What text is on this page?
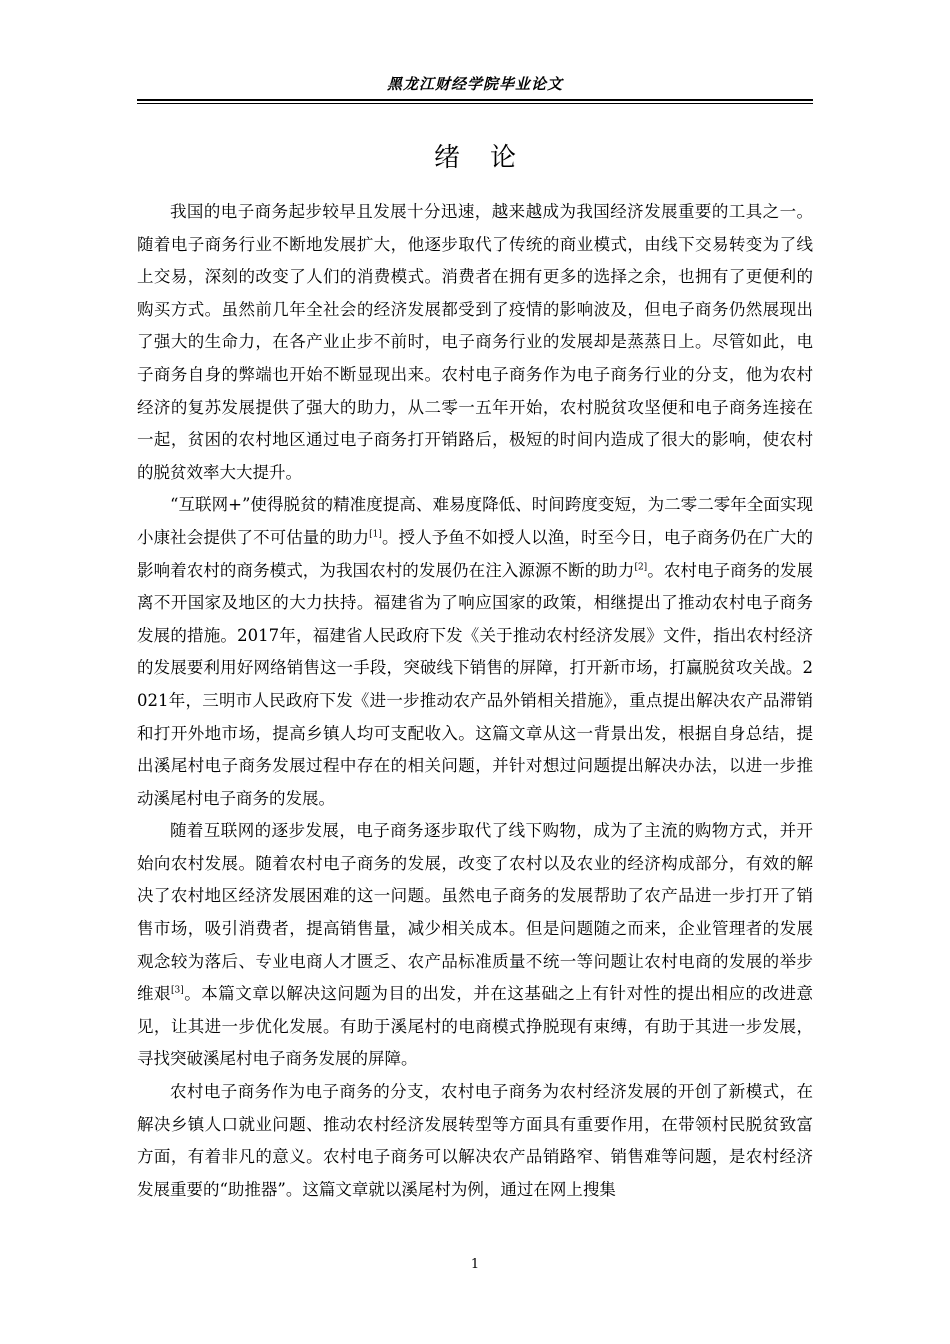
黑龙江财经学院毕业论文
绪论

我国的电子商务起步较早且发展十分迅速，越来越成为我国经济发展重要的工具之一。随着电子商务行业不断地发展扩大，他逐步取代了传统的商业模式，由线下交易转变为了线上交易，深刻的改变了人们的消费模式。消费者在拥有更多的选择之余，也拥有了更便利的购买方式。虽然前几年全社会的经济发展都受到了疫情的影响波及，但电子商务仍然展现出了强大的生命力，在各产业止步不前时，电子商务行业的发展却是蒸蒸日上。尽管如此，电子商务自身的弊端也开始不断显现出来。农村电子商务作为电子商务行业的分支，他为农村经济的复苏发展提供了强大的助力，从二零一五年开始，农村脱贫攻坚便和电子商务连接在一起，贫困的农村地区通过电子商务打开销路后，极短的时间内造成了很大的影响，使农村的脱贫效率大大提升。

“互联网+”使得脱贫的精准度提高、难易度降低、时间跨度变短，为二零二零年全面实现小康社会提供了不可估量的助力[1]。授人予鱼不如授人以渔，时至今日，电子商务仍在广大的影响着农村的商务模式，为我国农村的发展仍在注入源源不断的助力[2]。农村电子商务的发展离不开国家及地区的大力扶持。福建省为了响应国家的政策，相继提出了推动农村电子商务发展的措施。2017年，福建省人民政府下发《关于推动农村经济发展》文件，指出农村经济的发展要利用好网络销售这一手段，突破线下销售的屏障，打开新市场，打赢脱贫攻关战。2021年，三明市人民政府下发《进一步推动农产品外销相关措施》，重点提出解决农产品滞销和打开外地市场，提高乡镇人均可支配收入。这篇文章从这一背景出发，根据自身总结，提出溪尾村电子商务发展过程中存在的相关问题，并针对想过问题提出解决办法，以进一步推动溪尾村电子商务的发展。

随着互联网的逐步发展，电子商务逐步取代了线下购物，成为了主流的购物方式，并开始向农村发展。随着农村电子商务的发展，改变了农村以及农业的经济构成部分，有效的解决了农村地区经济发展困难的这一问题。虽然电子商务的发展帮助了农产品进一步打开了销售市场，吸引消费者，提高销售量，减少相关成本。但是问题随之而来，企业管理者的发展观念较为落后、专业电商人才匮乏、农产品标准质量不统一等问题让农村电商的发展的举步维艰[3]。本篇文章以解决这问题为目的出发，并在这基础之上有针对性的提出相应的改进意见，让其进一步优化发展。有助于溪尾村的电商模式挣脱现有束缚，有助于其进一步发展，寻找突破溪尾村电子商务发展的屏障。

农村电子商务作为电子商务的分支，农村电子商务为农村经济发展的开创了新模式，在解决乡镇人口就业问题、推动农村经济发展转型等方面具有重要作用，在带领村民脱贫致富方面，有着非凡的意义。农村电子商务可以解决农产品销路窄、销售难等问题，是农村经济发展重要的“助推器”。这篇文章就以溪尾村为例，通过在网上搜集

1
